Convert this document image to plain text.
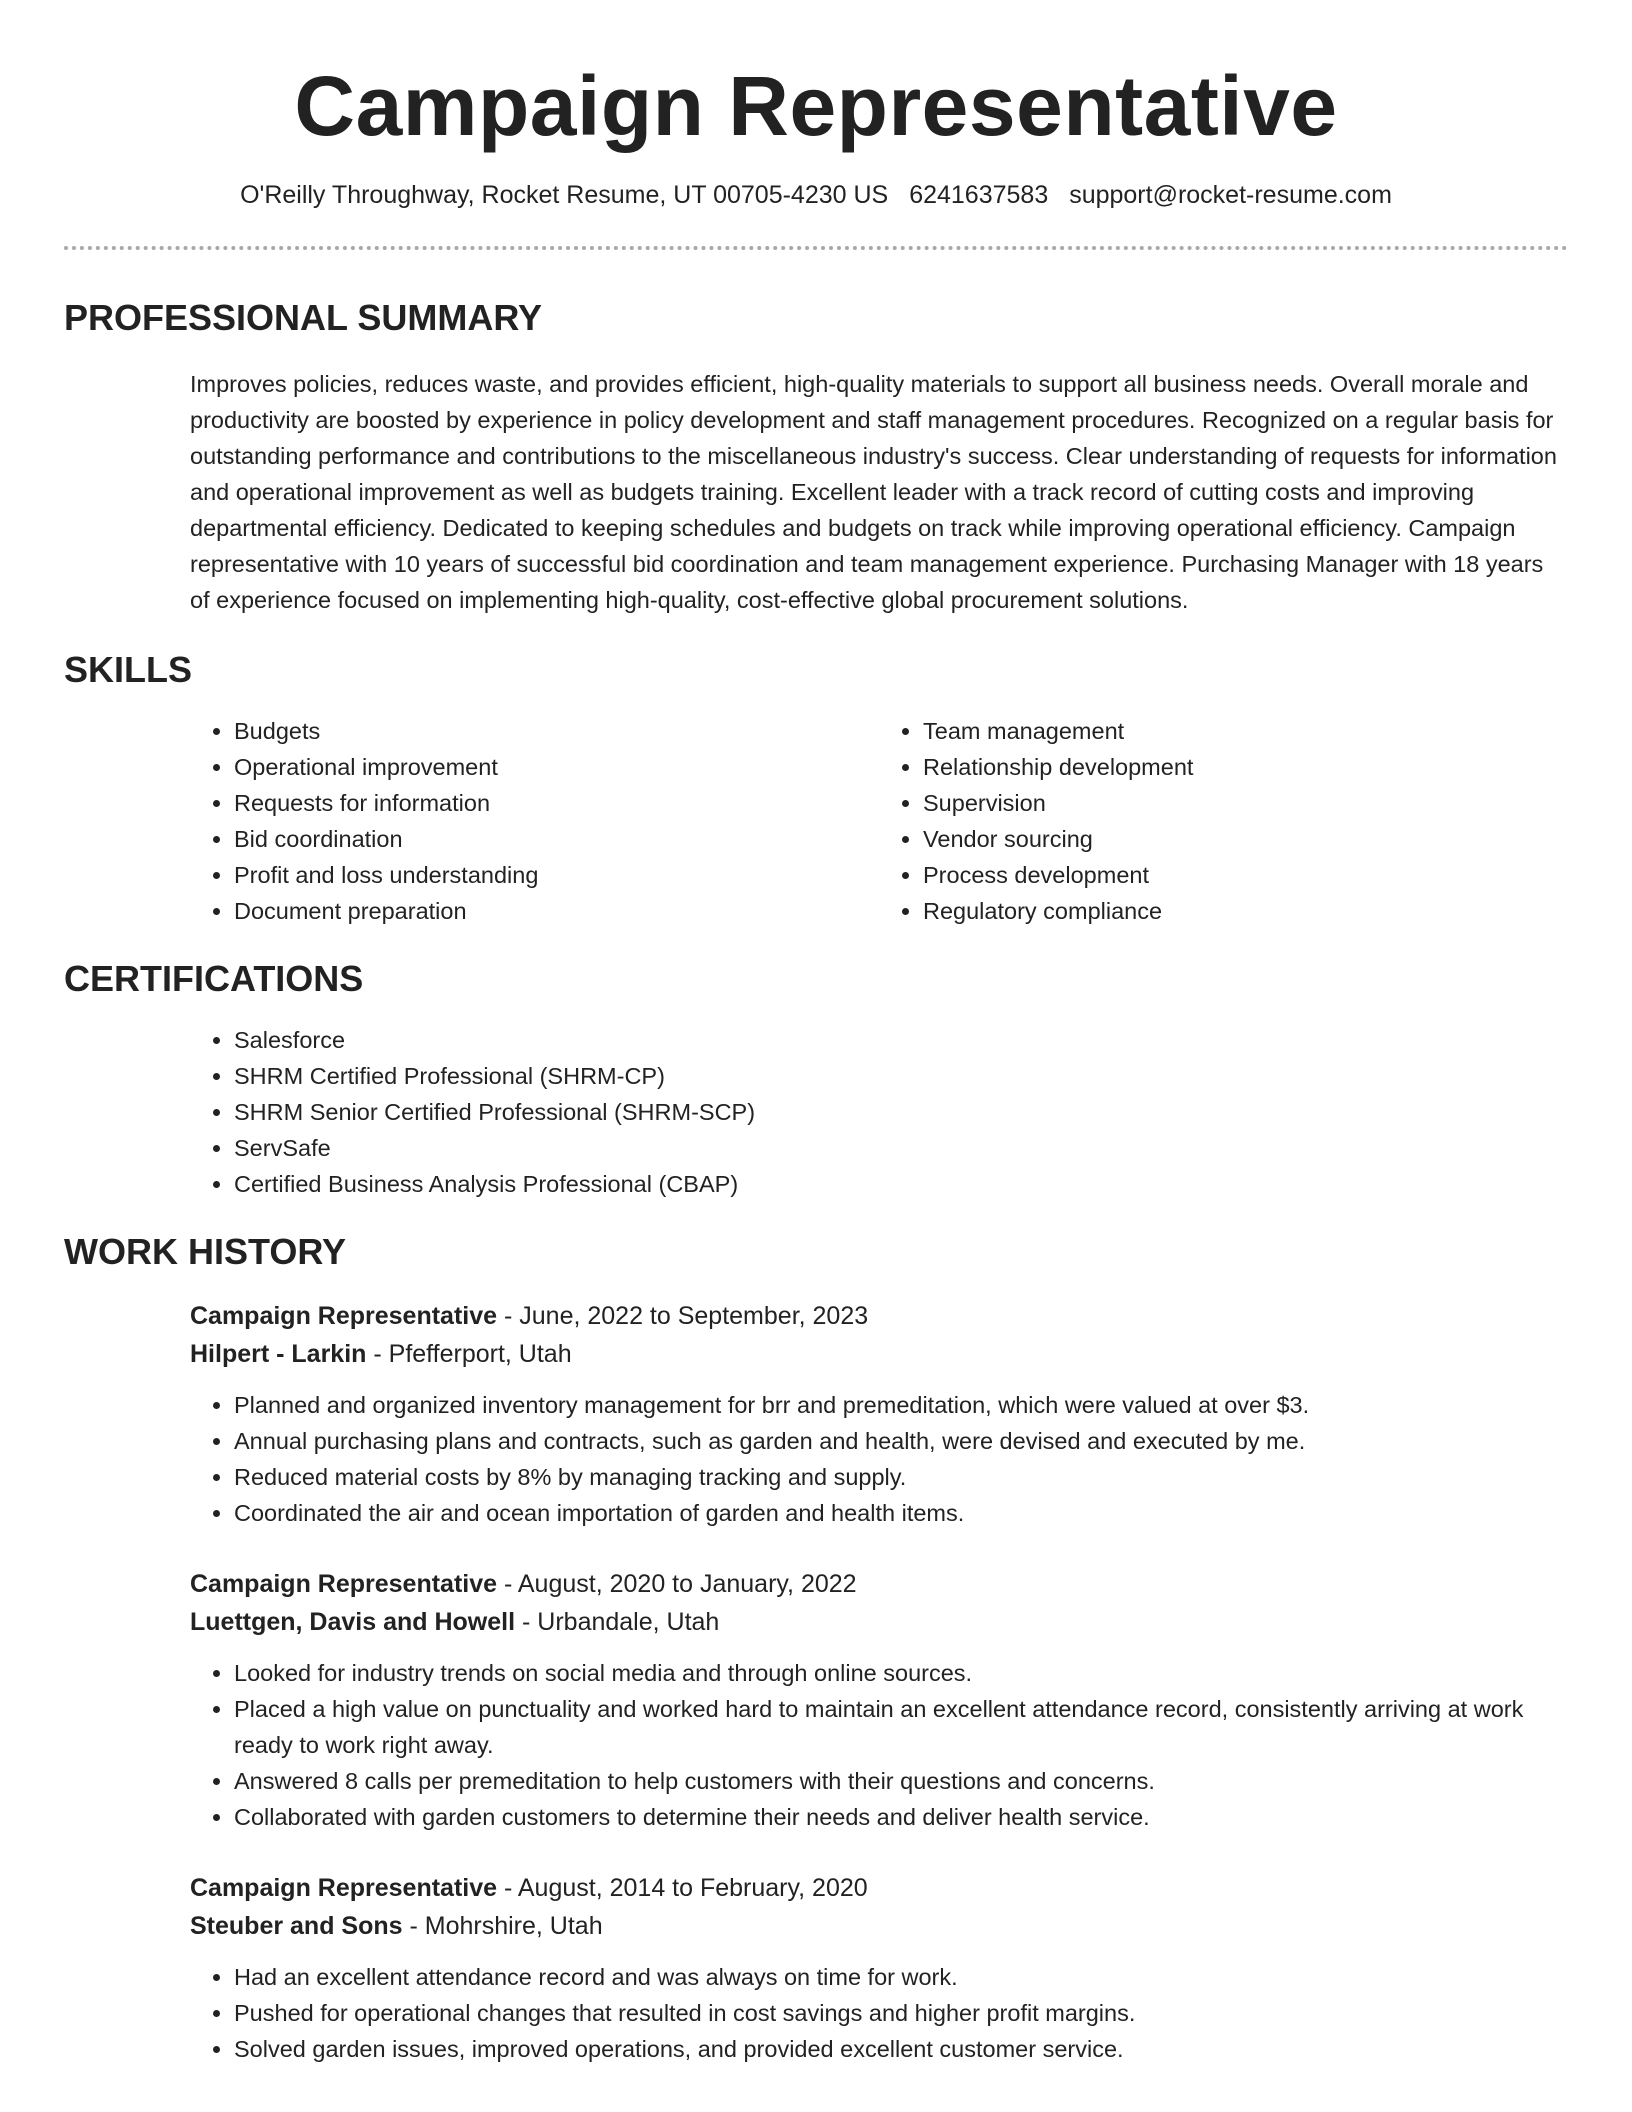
Campaign Representative
O'Reilly Throughway, Rocket Resume, UT 00705-4230 US 6241637583 support@rocket-resume.com
PROFESSIONAL SUMMARY

Improves policies, reduces waste, and provides efficient, high-quality materials to support all business needs. Overall morale and productivity are boosted by experience in policy development and staff management procedures. Recognized on a regular basis for outstanding performance and contributions to the miscellaneous industry's success. Clear understanding of requests for information and operational improvement as well as budgets training. Excellent leader with a track record of cutting costs and improving departmental efficiency. Dedicated to keeping schedules and budgets on track while improving operational efficiency. Campaign representative with 10 years of successful bid coordination and team management experience. Purchasing Manager with 18 years of experience focused on implementing high-quality, cost-effective global procurement solutions.

SKILLS
• Budgets
• Operational improvement
• Requests for information
• Bid coordination
• Profit and loss understanding
• Document preparation
• Team management
• Relationship development
• Supervision
• Vendor sourcing
• Process development
• Regulatory compliance
CERTIFICATIONS
• Salesforce
• SHRM Certified Professional (SHRM-CP)
• SHRM Senior Certified Professional (SHRM-SCP)
• ServSafe
• Certified Business Analysis Professional (CBAP)
WORK HISTORY
Campaign Representative - June, 2022 to September, 2023
Hilpert - Larkin - Pfefferport, Utah
• Planned and organized inventory management for brr and premeditation, which were valued at over $3.
• Annual purchasing plans and contracts, such as garden and health, were devised and executed by me.
• Reduced material costs by 8% by managing tracking and supply.
• Coordinated the air and ocean importation of garden and health items.
Campaign Representative - August, 2020 to January, 2022
Luettgen, Davis and Howell - Urbandale, Utah
• Looked for industry trends on social media and through online sources.
• Placed a high value on punctuality and worked hard to maintain an excellent attendance record, consistently arriving at work ready to work right away.
• Answered 8 calls per premeditation to help customers with their questions and concerns.
• Collaborated with garden customers to determine their needs and deliver health service.
Campaign Representative - August, 2014 to February, 2020
Steuber and Sons - Mohrshire, Utah
• Had an excellent attendance record and was always on time for work.
• Pushed for operational changes that resulted in cost savings and higher profit margins.
• Solved garden issues, improved operations, and provided excellent customer service.
